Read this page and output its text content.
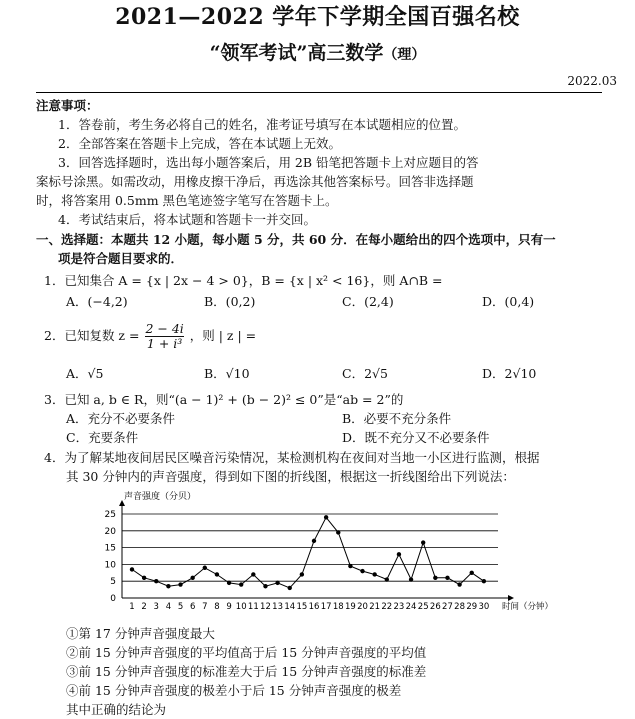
2021—2022 学年下学期全国百强名校
“领军考试”高三数学（理）
2022.03
注意事项：
1．答卷前，考生务必将自己的姓名，准考证号填写在本试题相应的位置。
2．全部答案在答题卡上完成，答在本试题上无效。
3．回答选择题时，选出每小题答案后，用 2B 铅笔把答题卡上对应题目的答
案标号涂黑。如需改动，用橡皮擦干净后，再选涂其他答案标号。回答非选择题
时，将答案用 0.5mm 黑色笔迹签字笔写在答题卡上。
4．考试结束后，将本试题和答题卡一并交回。
一、选择题：本题共 12 小题，每小题 5 分，共 60 分．在每小题给出的四个选项中，只有一
项是符合题目要求的．
1．已知集合 A = {x | 2x − 4 > 0}，B = {x | x² < 16}，则 A∩B =
A．(−4,2)	B．(0,2)	C．(2,4)	D．(0,4)
2．已知复数 $z = \frac{2 - 4i}{\text{1 + i³}}$ ，则 | z | =
A．√5	B．√10	C．2√5	D．2√10
3．已知 a, b ∈ R，则“(a − 1)² + (b − 2)² ≤ 0”是“ab = 2”的
A．充分不必要条件	B．必要不充分条件
C．充要条件	D．既不充分又不必要条件
4．为了解某地夜间居民区噪音污染情况，某检测机构在夜间对当地一小区进行监测，根据
其 30 分钟内的声音强度，得到如下图的折线图，根据这一折线图给出下列说法：
声音强度（分贝）
0
5
10
15
20
25
1 2 3 4 5 6 7 8 9 10 11 12 13 14 15 16 17 18 19 20 21 22 23 24 25 26 27 28 29 30 时间（分钟）
①第 17 分钟声音强度最大
②前 15 分钟声音强度的平均值高于后 15 分钟声音强度的平均值
③前 15 分钟声音强度的标准差大于后 15 分钟声音强度的标准差
④前 15 分钟声音强度的极差小于后 15 分钟声音强度的极差
其中正确的结论为
